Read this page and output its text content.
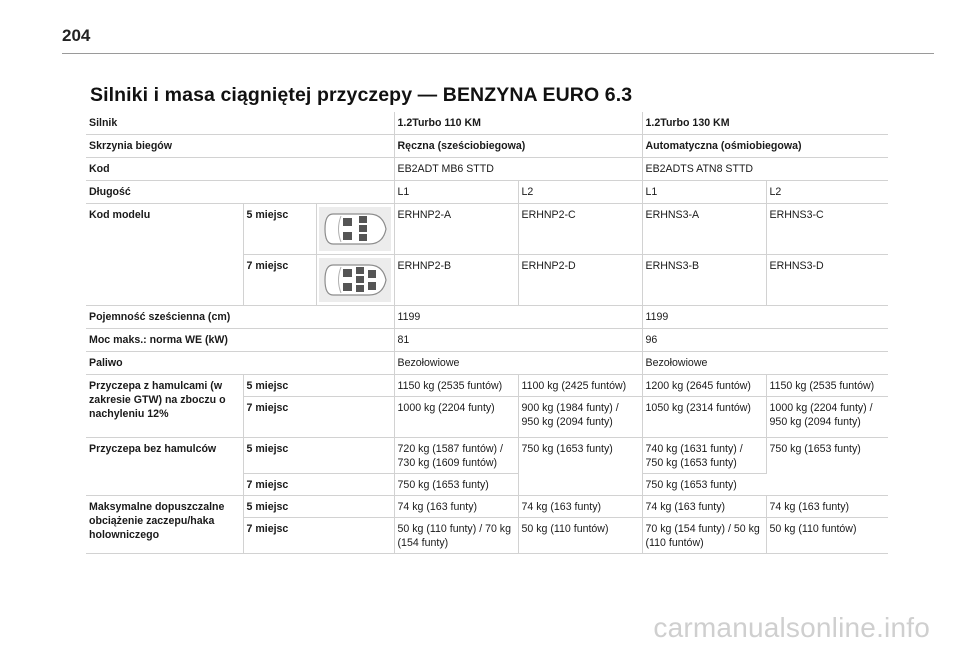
204
Silniki i masa ciągniętej przyczepy — BENZYNA EURO 6.3
Silnik			1.2Turbo 110 KM		1.2Turbo 130 KM	
Skrzynia biegów			Ręczna (sześciobiegowa)		Automatyczna (ośmiobiegowa)	
Kod			EB2ADT MB6 STTD		EB2ADTS ATN8 STTD	
Długość			L1	L2	L1	L2
Kod modelu	5 miejsc		ERHNP2-A	ERHNP2-C	ERHNS3-A	ERHNS3-C
	7 miejsc		ERHNP2-B	ERHNP2-D	ERHNS3-B	ERHNS3-D
Pojemność sześcienna (cm)			1199		1199	
Moc maks.: norma WE (kW)			81		96	
Paliwo			Bezołowiowe		Bezołowiowe	
Przyczepa z hamulcami (w zakresie GTW) na zboczu o nachyleniu 12%	5 miejsc		1150 kg (2535 funtów)	1100 kg (2425 funtów)	1200 kg (2645 funtów)	1150 kg (2535 funtów)
	7 miejsc		1000 kg (2204 funty)	900 kg (1984 funty) / 950 kg (2094 funty)	1050 kg (2314 funtów)	1000 kg (2204 funty) / 950 kg (2094 funty)
Przyczepa bez hamulców	5 miejsc		720 kg (1587 funtów) / 730 kg (1609 funtów)	750 kg (1653 funty)	740 kg (1631 funty) / 750 kg (1653 funty)	750 kg (1653 funty)
	7 miejsc		750 kg (1653 funty)		750 kg (1653 funty)	
Maksymalne dopuszczalne obciążenie zaczepu/haka holowniczego	5 miejsc		74 kg (163 funty)	74 kg (163 funty)	74 kg (163 funty)	74 kg (163 funty)
	7 miejsc		50 kg (110 funty) / 70 kg (154 funty)	50 kg (110 funtów)	70 kg (154 funty) / 50 kg (110 funtów)	50 kg (110 funtów)
carmanualsonline.info
